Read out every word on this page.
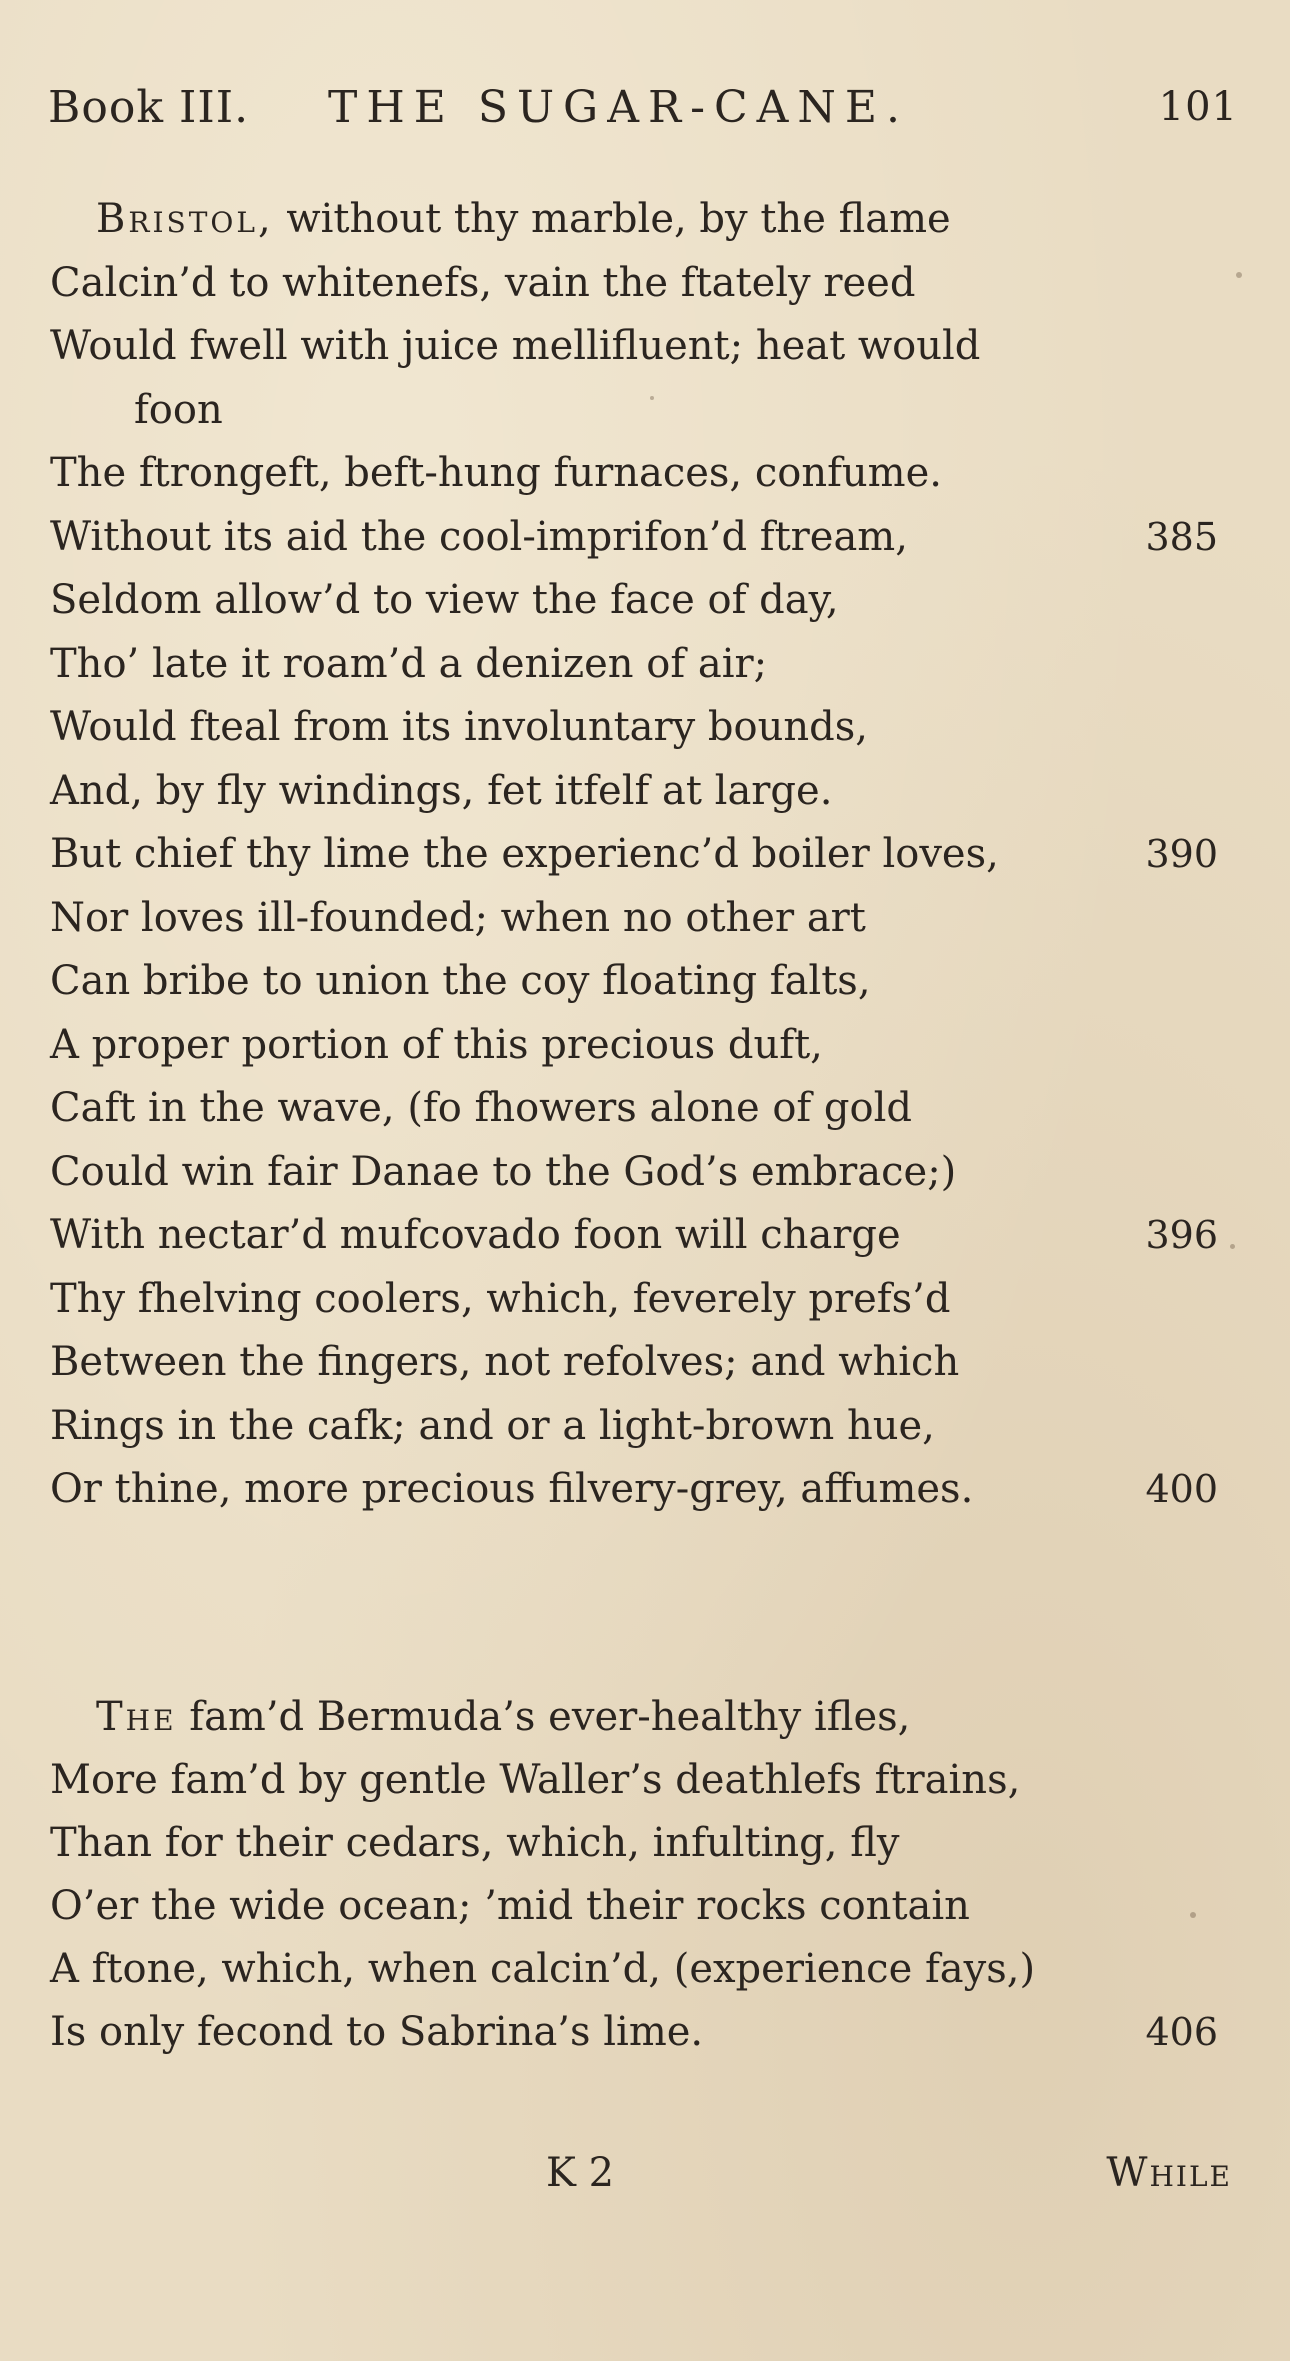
Book III. THE SUGAR-CANE.	101
Bristol, without thy marble, by the flame
Calcin’d to whitenefs, vain the ftately reed
Would fwell with juice mellifluent; heat would
foon
The ftrongeft, beft-hung furnaces, confume.
Without its aid the cool-imprifon’d ftream,	385
Seldom allow’d to view the face of day,
Tho’ late it roam’d a denizen of air;
Would fteal from its involuntary bounds,
And, by fly windings, fet itfelf at large.
But chief thy lime the experienc’d boiler loves,	390
Nor loves ill-founded; when no other art
Can bribe to union the coy floating falts,
A proper portion of this precious duft,
Caft in the wave, (fo fhowers alone of gold
Could win fair Danae to the God’s embrace;)
With nectar’d mufcovado foon will charge	396
Thy fhelving coolers, which, feverely prefs’d
Between the fingers, not refolves; and which
Rings in the cafk; and or a light-brown hue,
Or thine, more precious filvery-grey, affumes.	400
The fam’d Bermuda’s ever-healthy ifles,
More fam’d by gentle Waller’s deathlefs ftrains,
Than for their cedars, which, infulting, fly
O’er the wide ocean; ’mid their rocks contain
A ftone, which, when calcin’d, (experience fays,)
Is only fecond to Sabrina’s lime.	406
K 2	While
